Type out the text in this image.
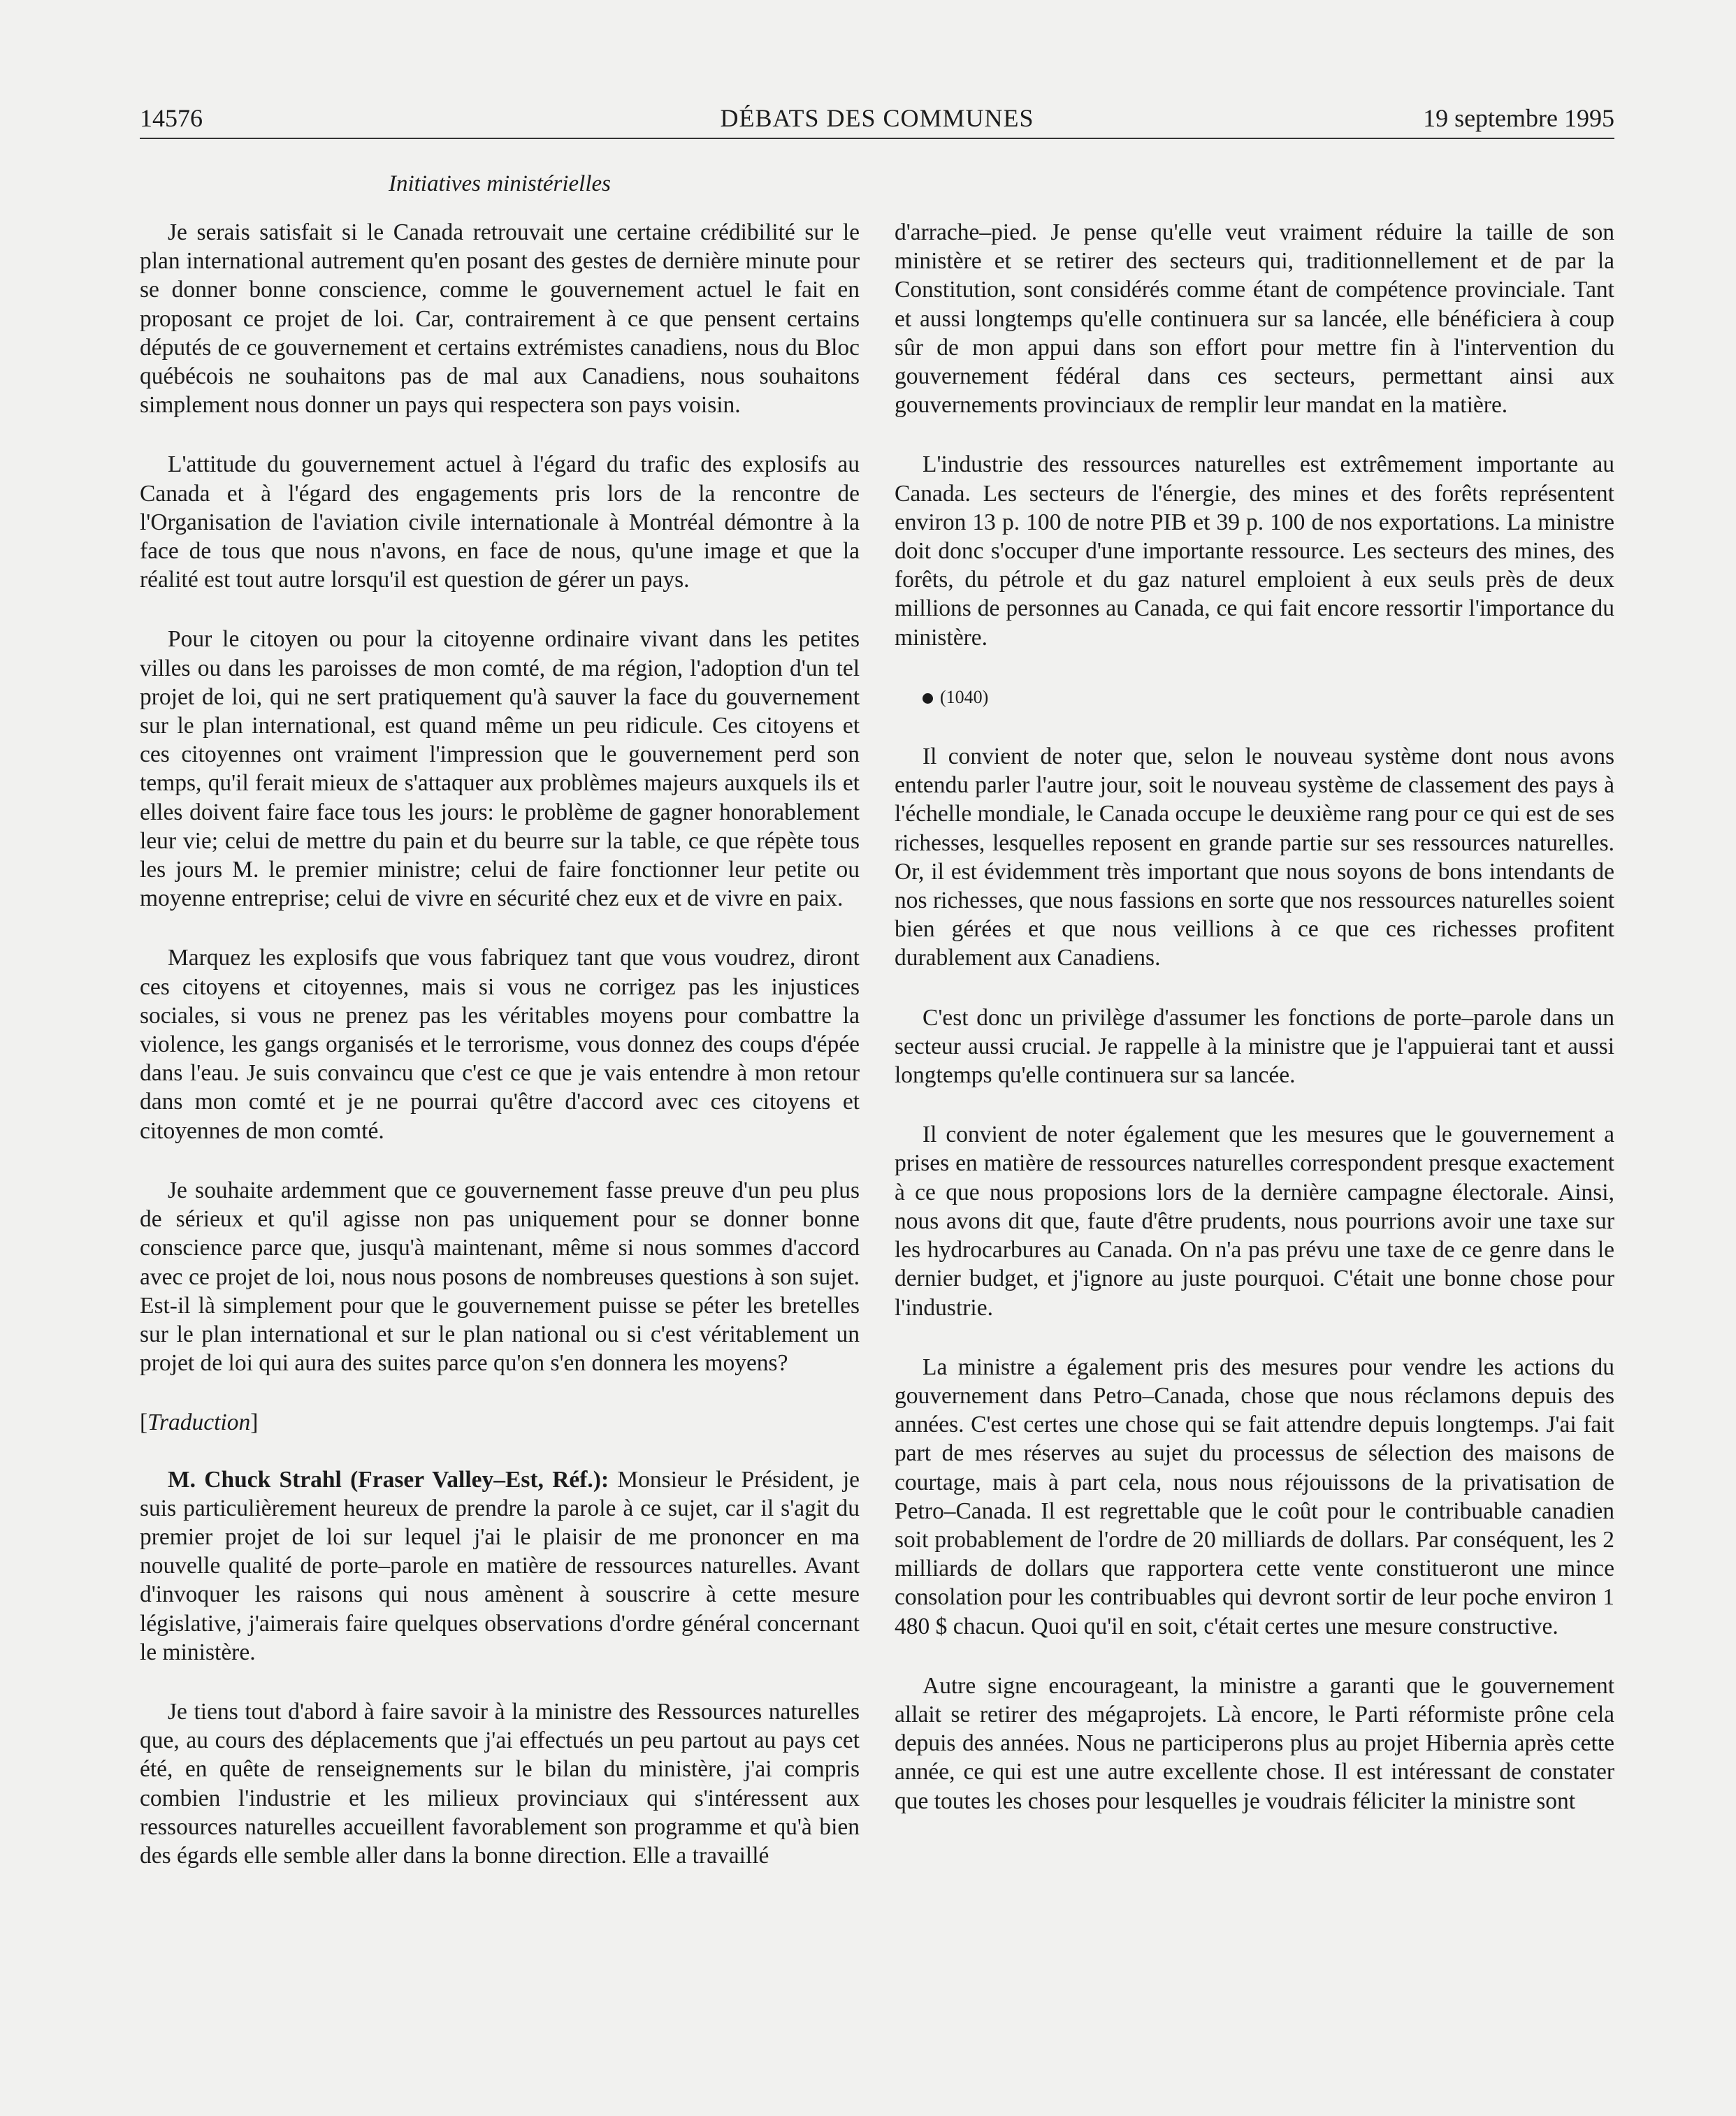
14576	DÉBATS DES COMMUNES	19 septembre 1995
Initiatives ministérielles

Je serais satisfait si le Canada retrouvait une certaine crédibilité sur le plan international autrement qu'en posant des gestes de dernière minute pour se donner bonne conscience, comme le gouvernement actuel le fait en proposant ce projet de loi. Car, contrairement à ce que pensent certains députés de ce gouvernement et certains extrémistes canadiens, nous du Bloc québécois ne souhaitons pas de mal aux Canadiens, nous souhaitons simplement nous donner un pays qui respectera son pays voisin.

L'attitude du gouvernement actuel à l'égard du trafic des explosifs au Canada et à l'égard des engagements pris lors de la rencontre de l'Organisation de l'aviation civile internationale à Montréal démontre à la face de tous que nous n'avons, en face de nous, qu'une image et que la réalité est tout autre lorsqu'il est question de gérer un pays.

Pour le citoyen ou pour la citoyenne ordinaire vivant dans les petites villes ou dans les paroisses de mon comté, de ma région, l'adoption d'un tel projet de loi, qui ne sert pratiquement qu'à sauver la face du gouvernement sur le plan international, est quand même un peu ridicule. Ces citoyens et ces citoyennes ont vraiment l'impression que le gouvernement perd son temps, qu'il ferait mieux de s'attaquer aux problèmes majeurs auxquels ils et elles doivent faire face tous les jours: le problème de gagner honorablement leur vie; celui de mettre du pain et du beurre sur la table, ce que répète tous les jours M. le premier ministre; celui de faire fonctionner leur petite ou moyenne entreprise; celui de vivre en sécurité chez eux et de vivre en paix.

Marquez les explosifs que vous fabriquez tant que vous voudrez, diront ces citoyens et citoyennes, mais si vous ne corrigez pas les injustices sociales, si vous ne prenez pas les véritables moyens pour combattre la violence, les gangs organisés et le terrorisme, vous donnez des coups d'épée dans l'eau. Je suis convaincu que c'est ce que je vais entendre à mon retour dans mon comté et je ne pourrai qu'être d'accord avec ces citoyens et citoyennes de mon comté.

Je souhaite ardemment que ce gouvernement fasse preuve d'un peu plus de sérieux et qu'il agisse non pas uniquement pour se donner bonne conscience parce que, jusqu'à maintenant, même si nous sommes d'accord avec ce projet de loi, nous nous posons de nombreuses questions à son sujet. Est-il là simplement pour que le gouvernement puisse se péter les bretelles sur le plan international et sur le plan national ou si c'est véritablement un projet de loi qui aura des suites parce qu'on s'en donnera les moyens?

[Traduction]

M. Chuck Strahl (Fraser Valley–Est, Réf.): Monsieur le Président, je suis particulièrement heureux de prendre la parole à ce sujet, car il s'agit du premier projet de loi sur lequel j'ai le plaisir de me prononcer en ma nouvelle qualité de porte–parole en matière de ressources naturelles. Avant d'invoquer les raisons qui nous amènent à souscrire à cette mesure législative, j'aimerais faire quelques observations d'ordre général concernant le ministère.

Je tiens tout d'abord à faire savoir à la ministre des Ressources naturelles que, au cours des déplacements que j'ai effectués un peu partout au pays cet été, en quête de renseignements sur le bilan du ministère, j'ai compris combien l'industrie et les milieux provinciaux qui s'intéressent aux ressources naturelles accueillent favorablement son programme et qu'à bien des égards elle semble aller dans la bonne direction. Elle a travaillé

d'arrache–pied. Je pense qu'elle veut vraiment réduire la taille de son ministère et se retirer des secteurs qui, traditionnellement et de par la Constitution, sont considérés comme étant de compétence provinciale. Tant et aussi longtemps qu'elle continuera sur sa lancée, elle bénéficiera à coup sûr de mon appui dans son effort pour mettre fin à l'intervention du gouvernement fédéral dans ces secteurs, permettant ainsi aux gouvernements provinciaux de remplir leur mandat en la matière.

L'industrie des ressources naturelles est extrêmement importante au Canada. Les secteurs de l'énergie, des mines et des forêts représentent environ 13 p. 100 de notre PIB et 39 p. 100 de nos exportations. La ministre doit donc s'occuper d'une importante ressource. Les secteurs des mines, des forêts, du pétrole et du gaz naturel emploient à eux seuls près de deux millions de personnes au Canada, ce qui fait encore ressortir l'importance du ministère.

(1040)

Il convient de noter que, selon le nouveau système dont nous avons entendu parler l'autre jour, soit le nouveau système de classement des pays à l'échelle mondiale, le Canada occupe le deuxième rang pour ce qui est de ses richesses, lesquelles reposent en grande partie sur ses ressources naturelles. Or, il est évidemment très important que nous soyons de bons intendants de nos richesses, que nous fassions en sorte que nos ressources naturelles soient bien gérées et que nous veillions à ce que ces richesses profitent durablement aux Canadiens.

C'est donc un privilège d'assumer les fonctions de porte–parole dans un secteur aussi crucial. Je rappelle à la ministre que je l'appuierai tant et aussi longtemps qu'elle continuera sur sa lancée.

Il convient de noter également que les mesures que le gouvernement a prises en matière de ressources naturelles correspondent presque exactement à ce que nous proposions lors de la dernière campagne électorale. Ainsi, nous avons dit que, faute d'être prudents, nous pourrions avoir une taxe sur les hydrocarbures au Canada. On n'a pas prévu une taxe de ce genre dans le dernier budget, et j'ignore au juste pourquoi. C'était une bonne chose pour l'industrie.

La ministre a également pris des mesures pour vendre les actions du gouvernement dans Petro–Canada, chose que nous réclamons depuis des années. C'est certes une chose qui se fait attendre depuis longtemps. J'ai fait part de mes réserves au sujet du processus de sélection des maisons de courtage, mais à part cela, nous nous réjouissons de la privatisation de Petro–Canada. Il est regrettable que le coût pour le contribuable canadien soit probablement de l'ordre de 20 milliards de dollars. Par conséquent, les 2 milliards de dollars que rapportera cette vente constitueront une mince consolation pour les contribuables qui devront sortir de leur poche environ 1 480 $ chacun. Quoi qu'il en soit, c'était certes une mesure constructive.

Autre signe encourageant, la ministre a garanti que le gouvernement allait se retirer des mégaprojets. Là encore, le Parti réformiste prône cela depuis des années. Nous ne participerons plus au projet Hibernia après cette année, ce qui est une autre excellente chose. Il est intéressant de constater que toutes les choses pour lesquelles je voudrais féliciter la ministre sont
